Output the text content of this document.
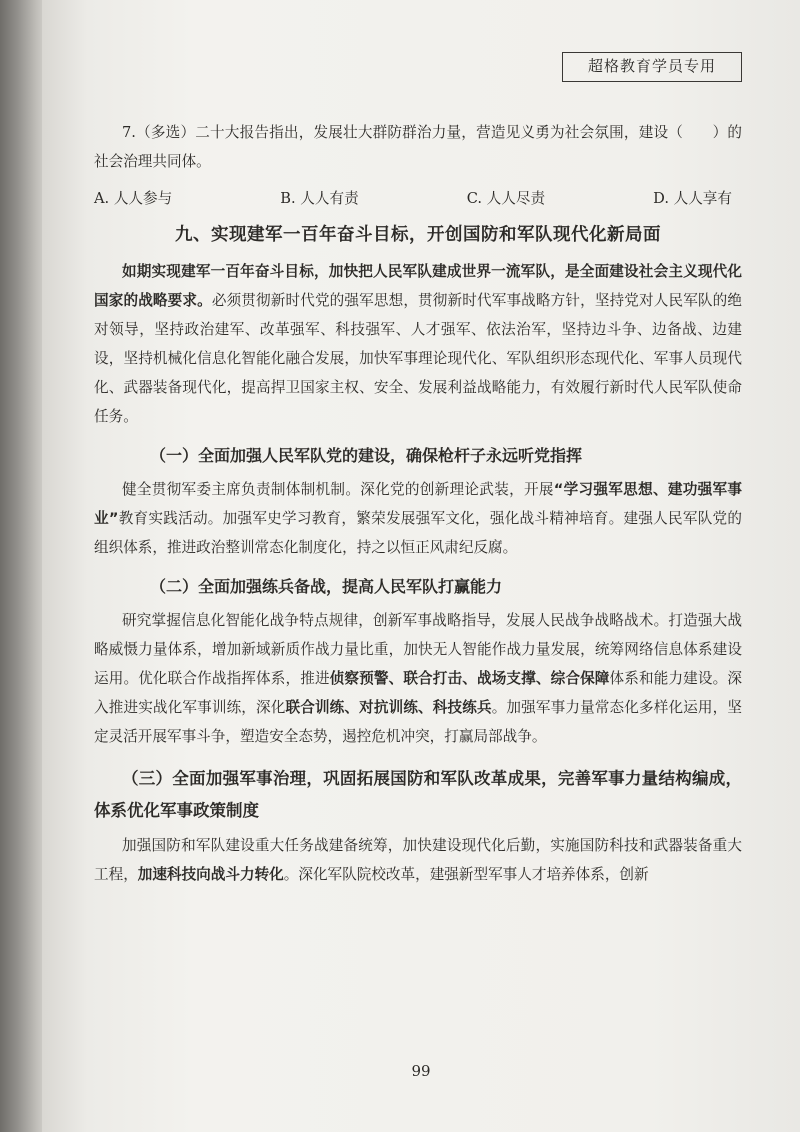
超格教育学员专用

7.（多选）二十大报告指出，发展壮大群防群治力量，营造见义勇为社会氛围，建设（　　）的社会治理共同体。

A. 人人参与	B. 人人有责	C. 人人尽责	D. 人人享有
九、实现建军一百年奋斗目标，开创国防和军队现代化新局面

如期实现建军一百年奋斗目标，加快把人民军队建成世界一流军队，是全面建设社会主义现代化国家的战略要求。必须贯彻新时代党的强军思想，贯彻新时代军事战略方针，坚持党对人民军队的绝对领导，坚持政治建军、改革强军、科技强军、人才强军、依法治军，坚持边斗争、边备战、边建设，坚持机械化信息化智能化融合发展，加快军事理论现代化、军队组织形态现代化、军事人员现代化、武器装备现代化，提高捍卫国家主权、安全、发展利益战略能力，有效履行新时代人民军队使命任务。

（一）全面加强人民军队党的建设，确保枪杆子永远听党指挥

健全贯彻军委主席负责制体制机制。深化党的创新理论武装，开展“学习强军思想、建功强军事业”教育实践活动。加强军史学习教育，繁荣发展强军文化，强化战斗精神培育。建强人民军队党的组织体系，推进政治整训常态化制度化，持之以恒正风肃纪反腐。

（二）全面加强练兵备战，提高人民军队打赢能力

研究掌握信息化智能化战争特点规律，创新军事战略指导，发展人民战争战略战术。打造强大战略威慑力量体系，增加新域新质作战力量比重，加快无人智能作战力量发展，统筹网络信息体系建设运用。优化联合作战指挥体系，推进侦察预警、联合打击、战场支撑、综合保障体系和能力建设。深入推进实战化军事训练，深化联合训练、对抗训练、科技练兵。加强军事力量常态化多样化运用，坚定灵活开展军事斗争，塑造安全态势，遏控危机冲突，打赢局部战争。

（三）全面加强军事治理，巩固拓展国防和军队改革成果，完善军事力量结构编成，体系优化军事政策制度

加强国防和军队建设重大任务战建备统筹，加快建设现代化后勤，实施国防科技和武器装备重大工程，加速科技向战斗力转化。深化军队院校改革，建强新型军事人才培养体系，创新

99
